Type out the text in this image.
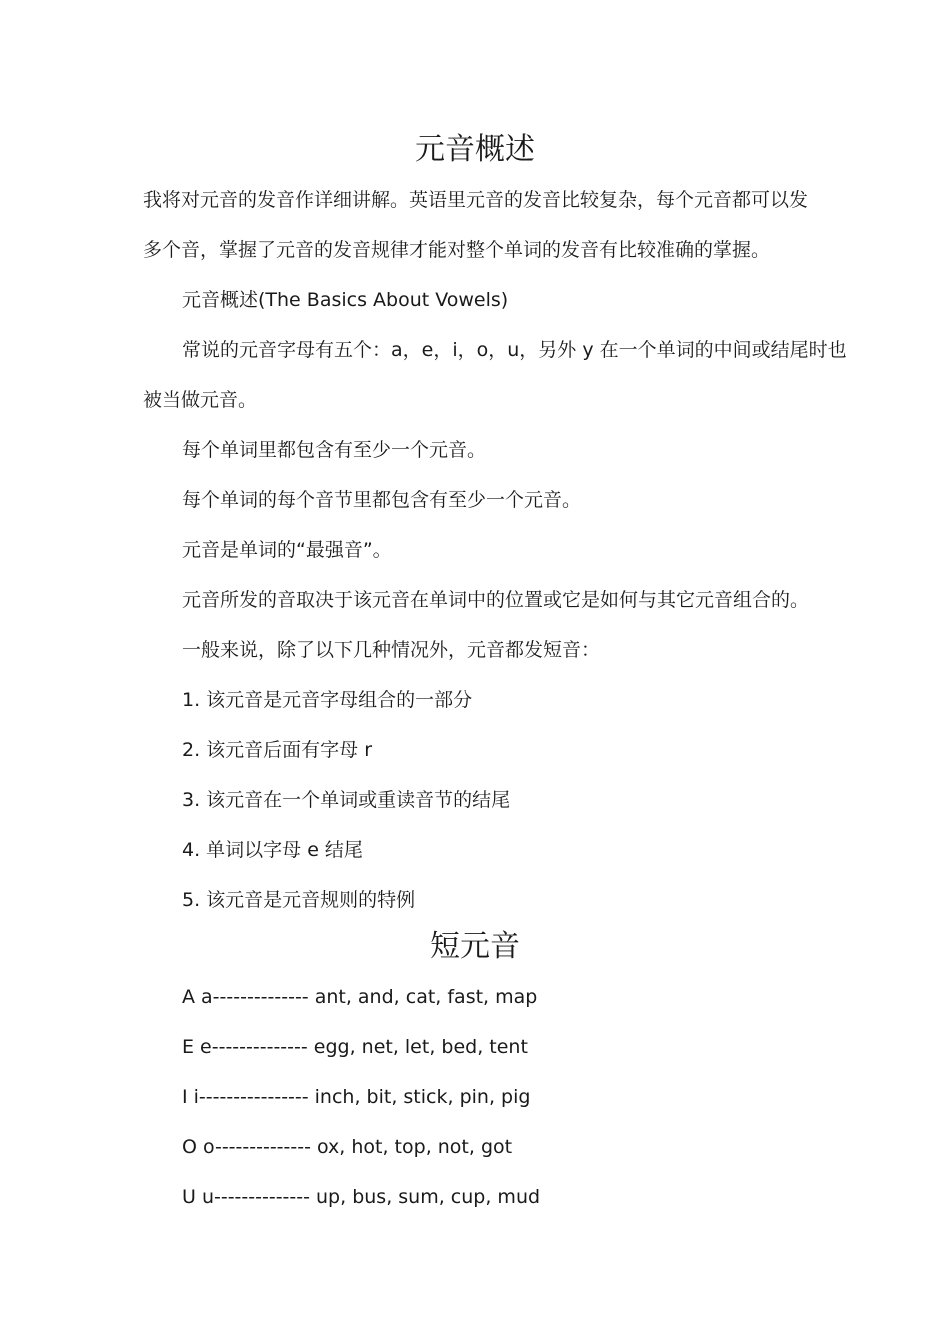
元音概述
我将对元音的发音作详细讲解。英语里元音的发音比较复杂，每个元音都可以发
多个音，掌握了元音的发音规律才能对整个单词的发音有比较准确的掌握。
元音概述(The Basics About Vowels)
常说的元音字母有五个：a，e，i，o，u，另外 y 在一个单词的中间或结尾时也
被当做元音。
每个单词里都包含有至少一个元音。
每个单词的每个音节里都包含有至少一个元音。
元音是单词的“最强音”。
元音所发的音取决于该元音在单词中的位置或它是如何与其它元音组合的。
一般来说，除了以下几种情况外，元音都发短音：
1. 该元音是元音字母组合的一部分
2. 该元音后面有字母 r
3. 该元音在一个单词或重读音节的结尾
4. 单词以字母 e 结尾
5. 该元音是元音规则的特例
短元音
A a-------------- ant, and, cat, fast, map
E e-------------- egg, net, let, bed, tent
I i---------------- inch, bit, stick, pin, pig
O o-------------- ox, hot, top, not, got
U u-------------- up, bus, sum, cup, mud
